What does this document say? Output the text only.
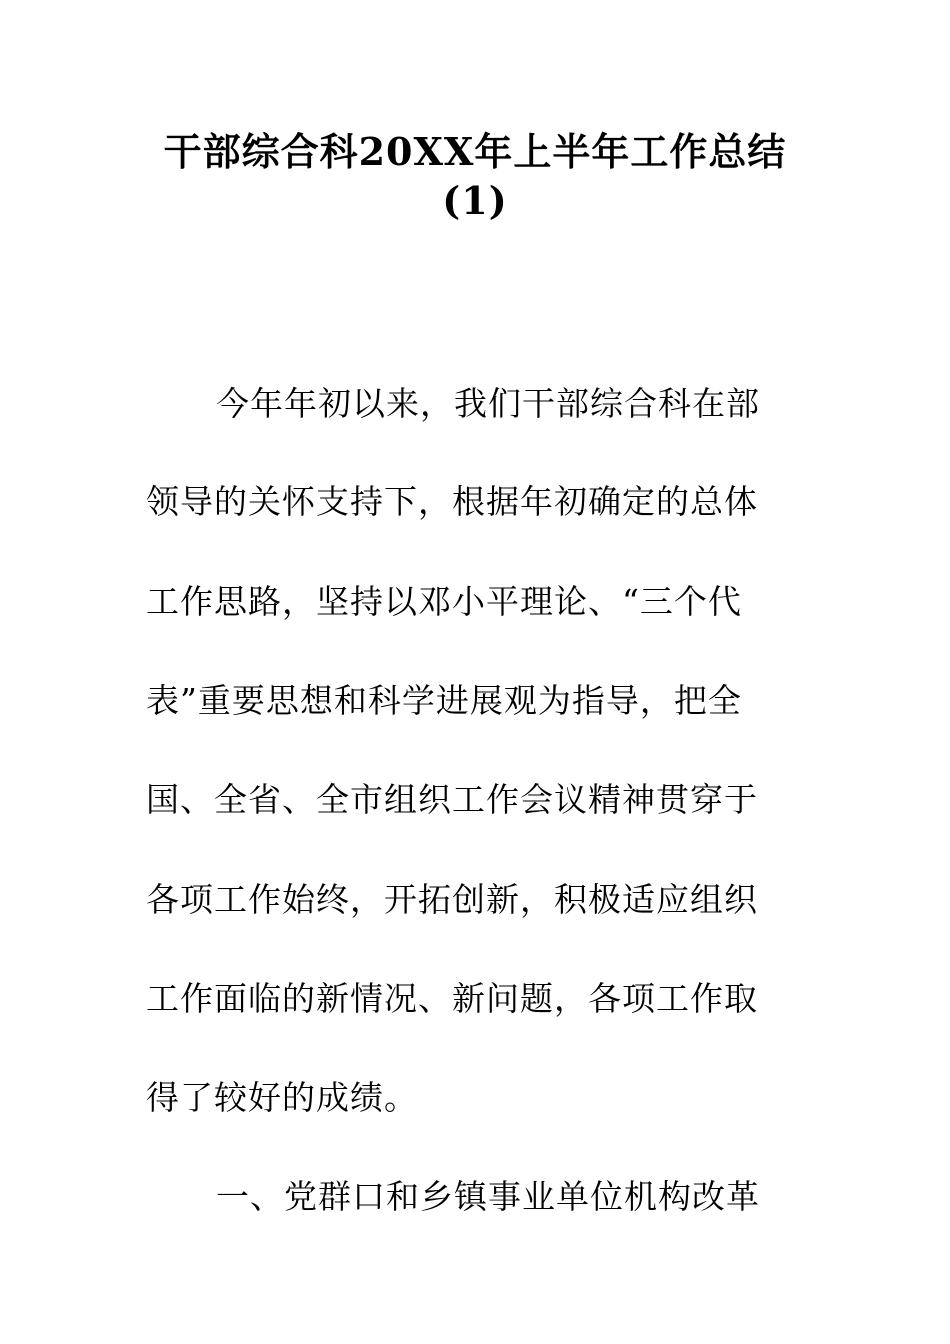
干部综合科20XX年上半年工作总结
(1)
今年年初以来，我们干部综合科在部
领导的关怀支持下，根据年初确定的总体
工作思路，坚持以邓小平理论、“三个代
表”重要思想和科学进展观为指导，把全
国、全省、全市组织工作会议精神贯穿于
各项工作始终，开拓创新，积极适应组织
工作面临的新情况、新问题，各项工作取
得了较好的成绩。
一、党群口和乡镇事业单位机构改革
